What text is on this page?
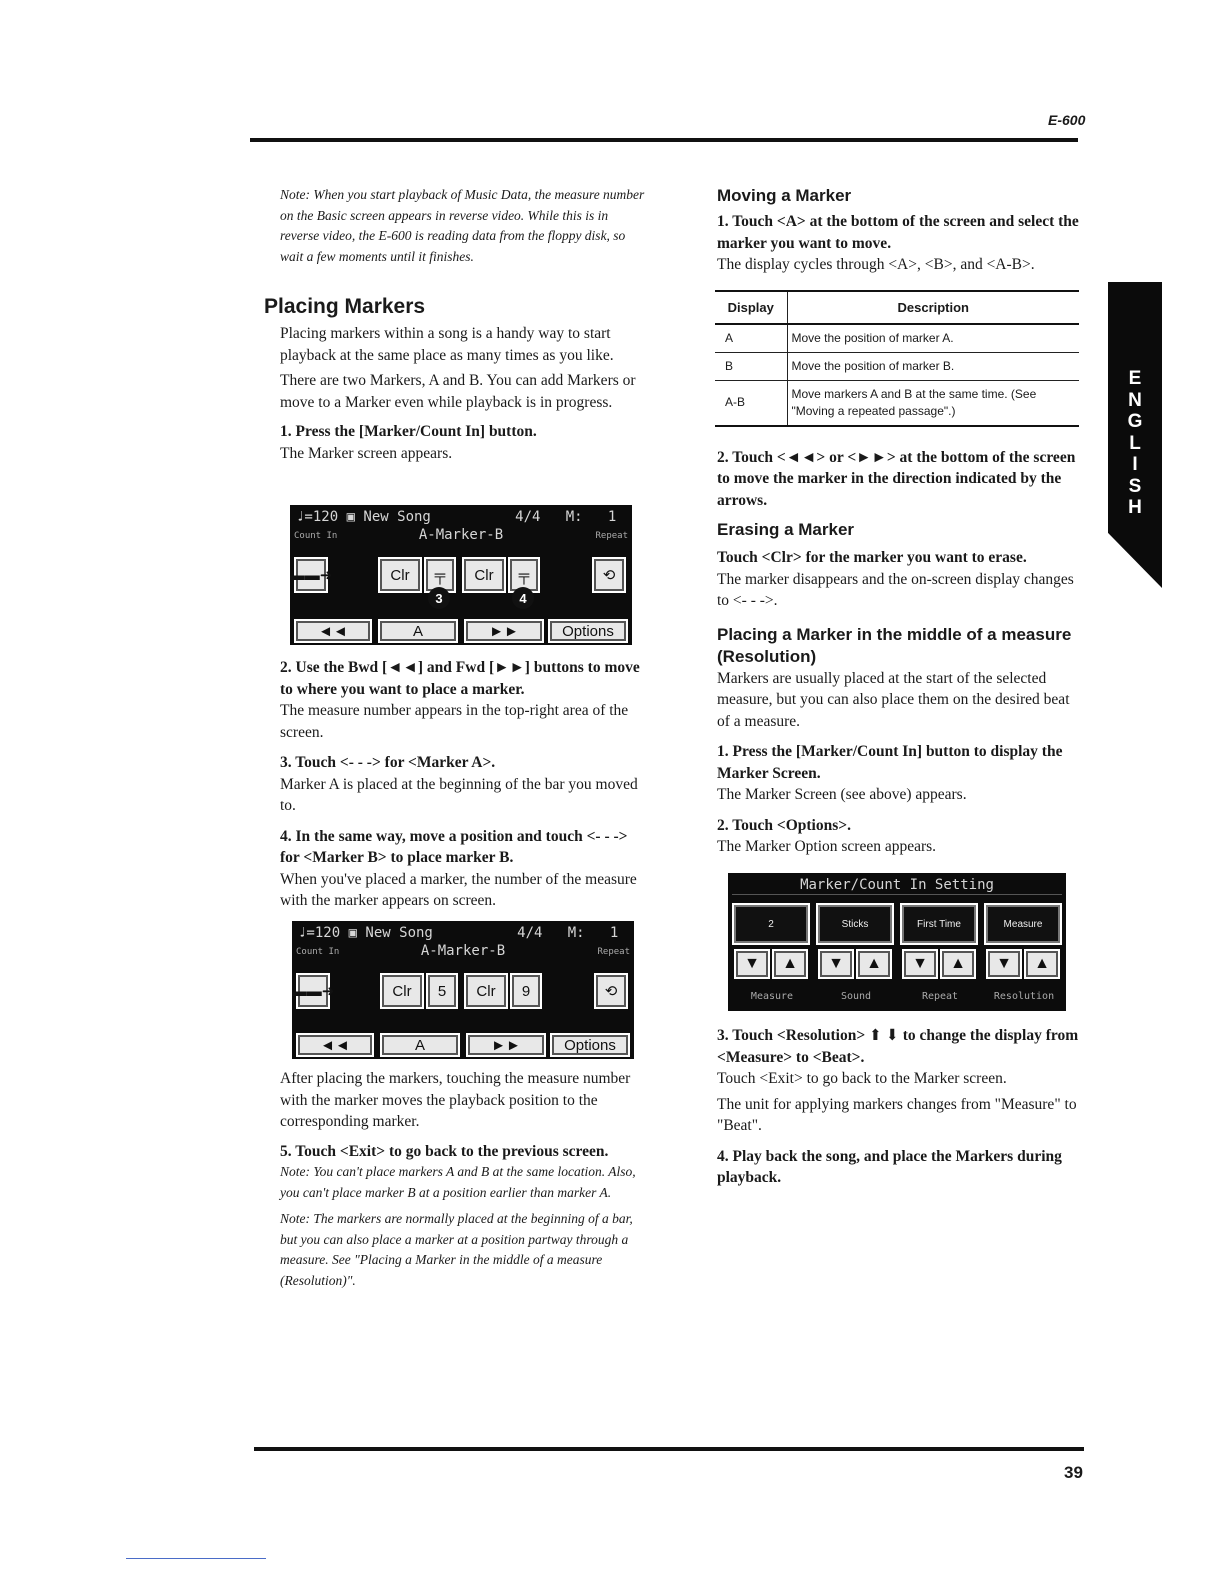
E-600
E
N
G
L
I
S
H

Note: When you start playback of Music Data, the measure number on the Basic screen appears in reverse video. While this is in reverse video, the E-600 is reading data from the floppy disk, so wait a few moments until it finishes.

Placing Markers

Placing markers within a song is a handy way to start playback at the same place as many times as you like.

There are two Markers, A and B. You can add Markers or move to a Marker even while playback is in progress.

1. Press the [Marker/Count In] button.

The Marker screen appears.

♩=120 ▣ New Song          4/4   M:   1
Count In	A-Marker-B	Repeat
▬▬➜	Clr	╤	Clr	╤	⟲
3	4
◄◄	A	►►	Options

2. Use the Bwd [◄◄] and Fwd [►►] buttons to move to where you want to place a marker.

The measure number appears in the top-right area of the screen.

3. Touch <- - -> for <Marker A>.

Marker A is placed at the beginning of the bar you moved to.

4. In the same way, move a position and touch <- - -> for <Marker B> to place marker B.

When you've placed a marker, the number of the measure with the marker appears on screen.

♩=120 ▣ New Song          4/4   M:   1
Count In	A-Marker-B	Repeat
▬▬➜	Clr	5	Clr	9	⟲
◄◄	A	►►	Options

After placing the markers, touching the measure number with the marker moves the playback position to the corresponding marker.

5. Touch <Exit> to go back to the previous screen.

Note: You can't place markers A and B at the same location. Also, you can't place marker B at a position earlier than marker A.

Note: The markers are normally placed at the beginning of a bar, but you can also place a marker at a position partway through a measure. See "Placing a Marker in the middle of a measure (Resolution)".

Moving a Marker

1. Touch <A> at the bottom of the screen and select the marker you want to move.

The display cycles through <A>, <B>, and <A-B>.

Display	Description
A	Move the position of marker A.
B	Move the position of marker B.
A-B	Move markers A and B at the same time. (See "Moving a repeated passage".)

2. Touch <◄◄> or <►►> at the bottom of the screen to move the marker in the direction indicated by the arrows.

Erasing a Marker

Touch <Clr> for the marker you want to erase.

The marker disappears and the on-screen display changes to <- - ->.

Placing a Marker in the middle of a measure (Resolution)

Markers are usually placed at the start of the selected measure, but you can also place them on the desired beat of a measure.

1. Press the [Marker/Count In] button to display the Marker Screen.

The Marker Screen (see above) appears.

2. Touch <Options>.

The Marker Option screen appears.

Marker/Count In Setting
2	Sticks	First Time	Measure
▼ ▲ ▼ ▲ ▼ ▲ ▼ ▲
Measure	Sound	Repeat	Resolution

3. Touch <Resolution> ⬆ ⬇ to change the display from <Measure> to <Beat>.

Touch <Exit> to go back to the Marker screen.

The unit for applying markers changes from "Measure" to "Beat".

4. Play back the song, and place the Markers during playback.

39
